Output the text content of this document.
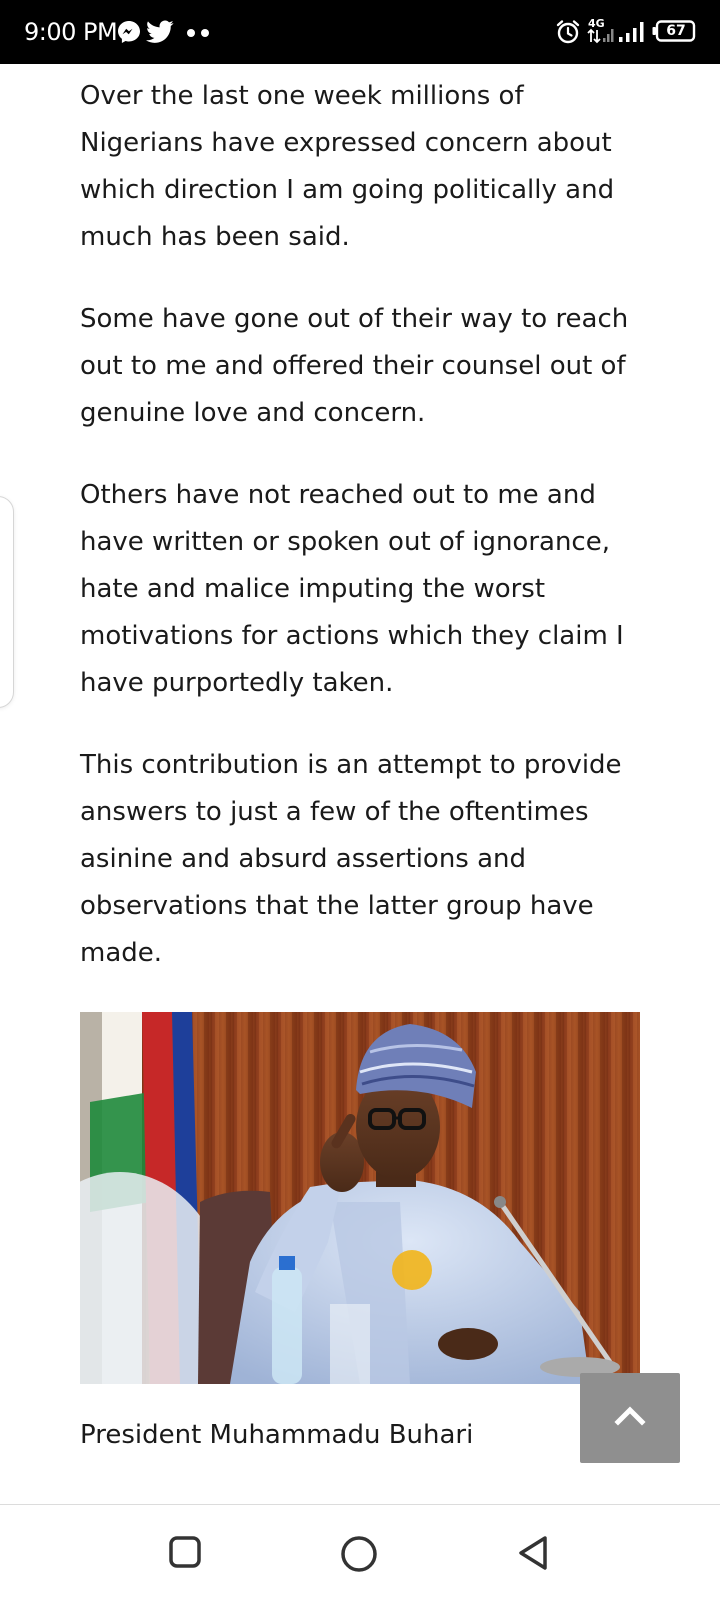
9:00 PM	4G	67

Over the last one week millions of Nigerians have expressed concern about which direction I am going politically and much has been said.

Some have gone out of their way to reach out to me and offered their counsel out of genuine love and concern.

Others have not reached out to me and have written or spoken out of ignorance, hate and malice imputing the worst motivations for actions which they claim I have purportedly taken.

This contribution is an attempt to provide answers to just a few of the oftentimes asinine and absurd assertions and observations that the latter group have made.

President Muhammadu Buhari
